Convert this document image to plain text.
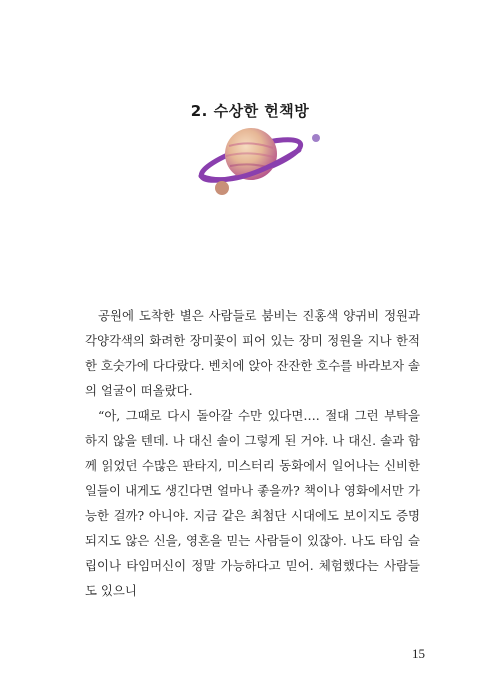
2. 수상한 헌책방

공원에 도착한 별은 사람들로 붐비는 진홍색 양귀비 정원과 각양각색의 화려한 장미꽃이 피어 있는 장미 정원을 지나 한적한 호숫가에 다다랐다. 벤치에 앉아 잔잔한 호수를 바라보자 솔의 얼굴이 떠올랐다.

“아, 그때로 다시 돌아갈 수만 있다면…. 절대 그런 부탁을 하지 않을 텐데. 나 대신 솔이 그렇게 된 거야. 나 대신. 솔과 함께 읽었던 수많은 판타지, 미스터리 동화에서 일어나는 신비한 일들이 내게도 생긴다면 얼마나 좋을까? 책이나 영화에서만 가능한 걸까? 아니야. 지금 같은 최첨단 시대에도 보이지도 증명되지도 않은 신을, 영혼을 믿는 사람들이 있잖아. 나도 타임 슬립이나 타임머신이 정말 가능하다고 믿어. 체험했다는 사람들도 있으니

15
